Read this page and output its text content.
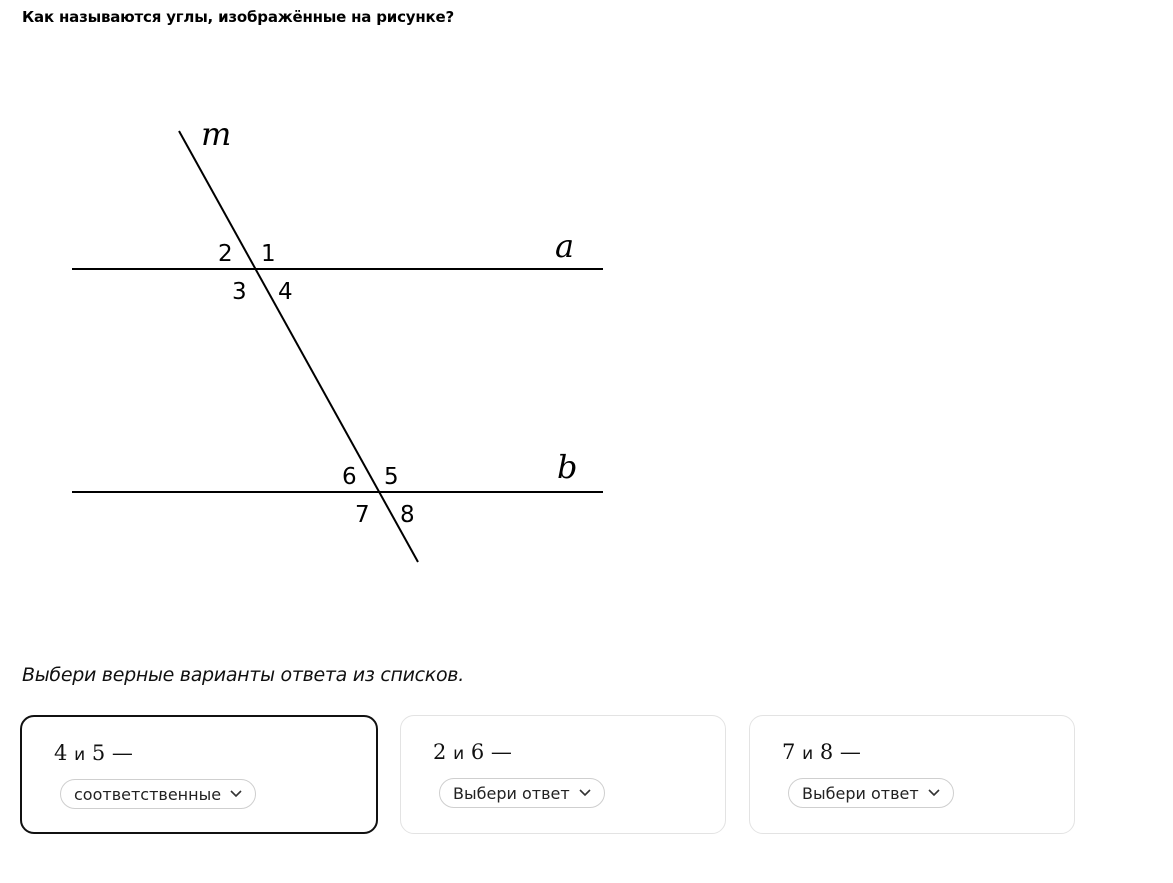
Как называются углы, изображённые на рисунке?
m
a
b
2 1
3 4
6 5
7 8
Выбери верные варианты ответа из списков.
4 и 5 —
соответственные
2 и 6 —
Выбери ответ
7 и 8 —
Выбери ответ
